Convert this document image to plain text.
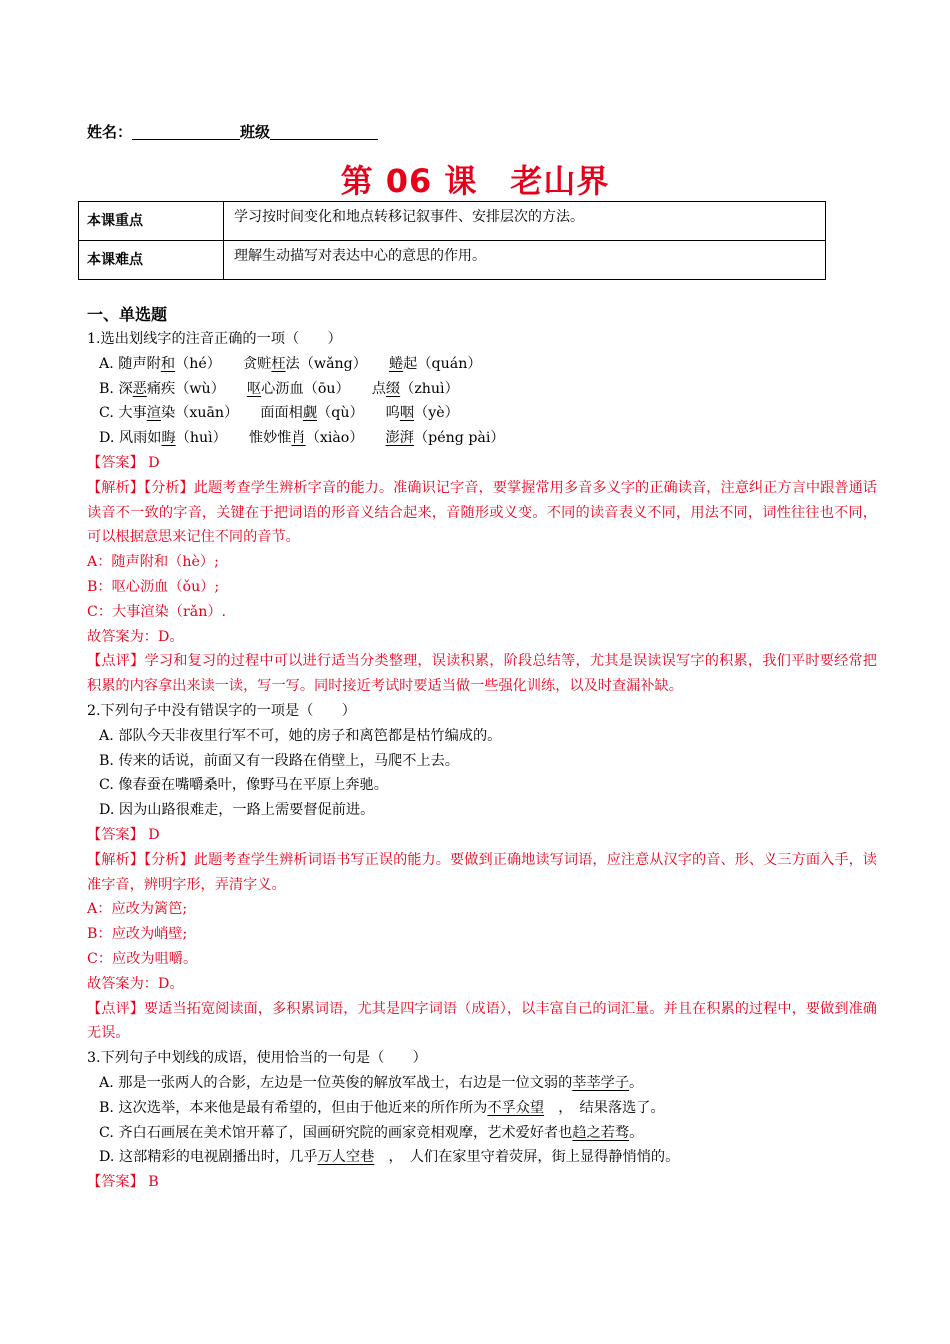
姓名：	班级
第 06 课　老山界
本课重点	学习按时间变化和地点转移记叙事件、安排层次的方法。
本课难点	理解生动描写对表达中心的意思的作用。
一、单选题
1.选出划线字的注音正确的一项（　　）
A. 随声附和（hé） 贪赃枉法（wǎng） 蜷起（quán）
B. 深恶痛疾（wù） 呕心沥血（ōu） 点缀（zhuì）
C. 大事渲染（xuān） 面面相觑（qù） 呜咽（yè）
D. 风雨如晦（huì） 惟妙惟肖（xiào） 澎湃（péng pài）
【答案】 D
【解析】【分析】此题考查学生辨析字音的能力。准确识记字音，要掌握常用多音多义字的正确读音，注意纠正方言中跟普通话读音不一致的字音，关键在于把词语的形音义结合起来，音随形或义变。不同的读音表义不同，用法不同，词性往往也不同，可以根据意思来记住不同的音节。
A：随声附和（hè）;
B：呕心沥血（ǒu）;
C：大事渲染（rǎn）.
故答案为：D。
【点评】学习和复习的过程中可以进行适当分类整理，误读积累，阶段总结等，尤其是误读误写字的积累，我们平时要经常把积累的内容拿出来读一读，写一写。同时接近考试时要适当做一些强化训练，以及时查漏补缺。
2.下列句子中没有错误字的一项是（　　）
A. 部队今天非夜里行军不可，她的房子和离笆都是枯竹编成的。
B. 传来的话说，前面又有一段路在俏壁上，马爬不上去。
C. 像春蚕在嘴嚼桑叶，像野马在平原上奔驰。
D. 因为山路很难走，一路上需要督促前进。
【答案】 D
【解析】【分析】此题考查学生辨析词语书写正误的能力。要做到正确地读写词语，应注意从汉字的音、形、义三方面入手，读准字音，辨明字形，弄清字义。
A：应改为篱笆;
B：应改为峭壁;
C：应改为咀嚼。
故答案为：D。
【点评】要适当拓宽阅读面，多积累词语，尤其是四字词语（成语），以丰富自己的词汇量。并且在积累的过程中，要做到准确无误。
3.下列句子中划线的成语，使用恰当的一句是（　　）
A. 那是一张两人的合影，左边是一位英俊的解放军战士，右边是一位文弱的莘莘学子。
B. 这次选举，本来他是最有希望的，但由于他近来的所作所为不孚众望　，　结果落选了。
C. 齐白石画展在美术馆开幕了，国画研究院的画家竞相观摩，艺术爱好者也趋之若骛。
D. 这部精彩的电视剧播出时，几乎万人空巷　，　人们在家里守着荧屏，街上显得静悄悄的。
【答案】 B
